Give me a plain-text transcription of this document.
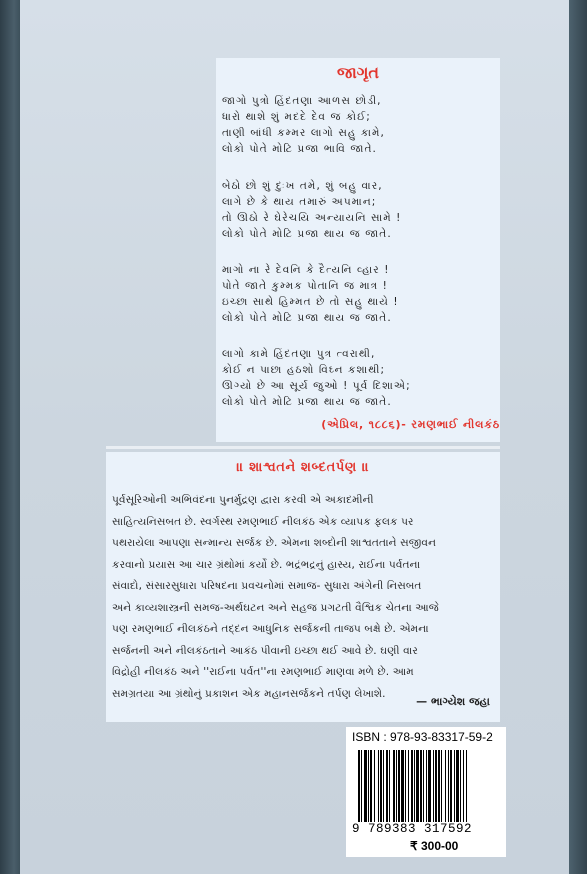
જાગૃત
જાગો પુત્રો હિંદતણા આળસ છોડી,
ધારો થાશે શું મદદે દેવ જ કોઈ;
તાણી બાંધી કમ્મર લાગો સહુ કામે,
લોકો પોતે મોટિ પ્રજા ભાવિ જાતે.
બેઠો છો શું દુઃખ તમે, શું બહુ વાર,
લાગે છે કે થાય તમારું અપમાન;
તો ઊઠો રે ઘેરેચયિ અન્યાયનિ સામે !
લોકો પોતે મોટિ પ્રજા થાય જ જાતે.
માગો ના રે દેવનિ કે દૈત્યનિ વ્હાર !
પોતે જાતે કુમ્મક પોતાનિ જ માત્ર !
ઇચ્છા સાથે હિમ્મત છે તો સહુ થાયે !
લોકો પોતે મોટિ પ્રજા થાય જ જાતે.
લાગો કામે હિંદતણા પુત્ર ત્વરાથી,
કોઈ ન પાછા હઠશો વિઘ્ન કશાથી;
ઊગ્યો છે આ સૂર્ય જુઓ ! પૂર્વ દિશાએ;
લોકો પોતે મોટિ પ્રજા થાય જ જાતે.
(એપ્રિલ, ૧૮૮૬)- રમણભાઈ નીલકંઠ
॥ શાશ્વતને શબ્દતર્પણ ॥
પૂર્વસૂરિઓની અભિવંદના પુનર્મુદ્રણ દ્વારા કરવી એ અકાદમીની
સાહિત્યનિસબત છે. સ્વર્ગસ્થ રમણભાઈ નીલકંઠ એક વ્યાપક ફલક પર
પથરાયેલા આપણા સન્માન્ય સર્જક છે. એમના શબ્દોની શાશ્વતતાને સજીવન
કરવાનો પ્રયાસ આ ચાર ગ્રંથોમાં કર્યો છે. ભદ્રંભદ્રનું હાસ્ય, રાઈના પર્વતના
સંવાદો, સંસારસુધારા પરિષદના પ્રવચનોમાં સમાજ- સુધારા અંગેની નિસબત
અને કાવ્યશાસ્ત્રની સમજ-અર્થઘટન અને સહજ પ્રગટતી વૈશ્વિક ચેતના આજે
પણ રમણભાઈ નીલકંઠને તદ્દન આધુનિક સર્જકની તાજપ બક્ષે છે. એમના
સર્જનની અને નીલકંઠતાને આકંઠ પીવાની ઇચ્છા થઈ આવે છે. ઘણી વાર
વિદ્રોહી નીલકંઠ અને ''રાઈના પર્વત''ના રમણભાઈ માણવા મળે છે. આમ
સમગ્રતયા આ ગ્રંથોનું પ્રકાશન એક મહાનસર્જકને તર્પણ લેખાશે.
— ભાગ્યેશ જહા
ISBN : 978-93-83317-59-2
9 789383 317592
₹ 300-00
